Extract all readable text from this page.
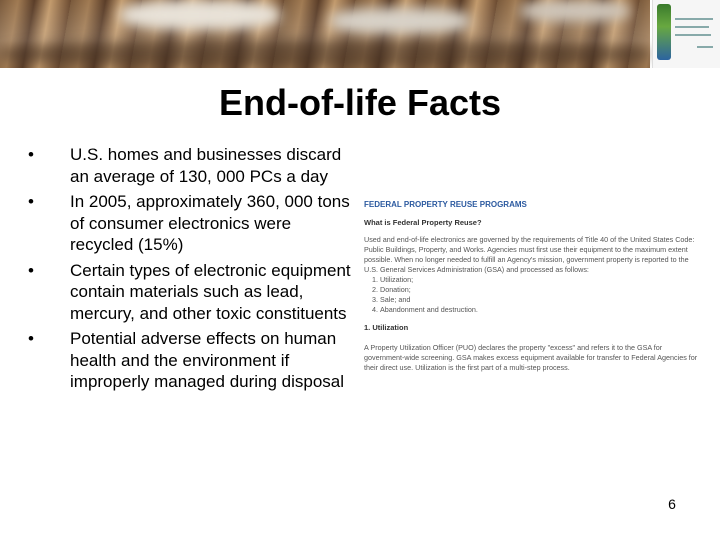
End-of-life Facts
• U.S. homes and businesses discard an average of 130, 000 PCs a day
• In 2005, approximately 360, 000 tons of consumer electronics were recycled (15%)
• Certain types of electronic equipment contain materials such as lead, mercury, and other toxic constituents
• Potential adverse effects on human health and the environment if improperly managed during disposal
FEDERAL PROPERTY REUSE PROGRAMS
What is Federal Property Reuse?

Used and end-of-life electronics are governed by the requirements of Title 40 of the United States Code: Public Buildings, Property, and Works. Agencies must first use their equipment to the maximum extent possible. When no longer needed to fulfill an Agency's mission, government property is reported to the U.S. General Services Administration (GSA) and processed as follows:

1. Utilization;
2. Donation;
3. Sale; and
4. Abandonment and destruction.
1. Utilization

A Property Utilization Officer (PUO) declares the property "excess" and refers it to the GSA for government-wide screening. GSA makes excess equipment available for transfer to Federal Agencies for their direct use. Utilization is the first part of a multi-step process.

6
